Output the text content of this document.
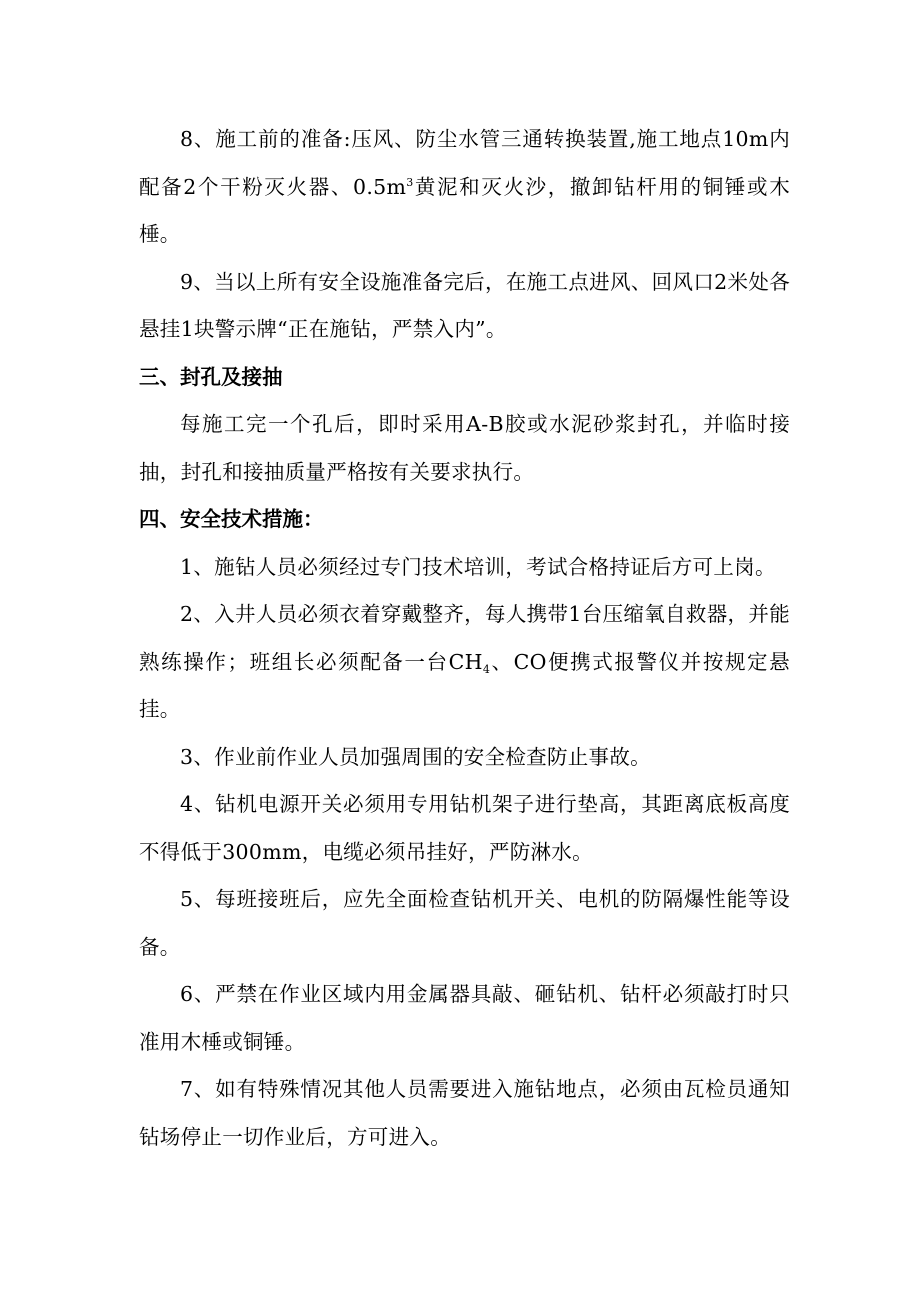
8、施工前的准备:压风、防尘水管三通转换装置,施工地点10m内配备2个干粉灭火器、$0.5m^3$黄泥和灭火沙，撤卸钻杆用的铜锤或木棰。

9、当以上所有安全设施准备完后，在施工点进风、回风口2米处各悬挂1块警示牌“正在施钻，严禁入内”。

三、封孔及接抽

每施工完一个孔后，即时采用A-B胶或水泥砂浆封孔，并临时接抽，封孔和接抽质量严格按有关要求执行。

四、安全技术措施：

1、施钻人员必须经过专门技术培训，考试合格持证后方可上岗。

2、入井人员必须衣着穿戴整齐，每人携带1台压缩氧自救器，并能熟练操作；班组长必须配备一台$CH_4$、CO便携式报警仪并按规定悬挂。

3、作业前作业人员加强周围的安全检查防止事故。

4、钻机电源开关必须用专用钻机架子进行垫高，其距离底板高度不得低于300mm，电缆必须吊挂好，严防淋水。

5、每班接班后，应先全面检查钻机开关、电机的防隔爆性能等设备。

6、严禁在作业区域内用金属器具敲、砸钻机、钻杆必须敲打时只准用木棰或铜锤。

7、如有特殊情况其他人员需要进入施钻地点，必须由瓦检员通知钻场停止一切作业后，方可进入。
